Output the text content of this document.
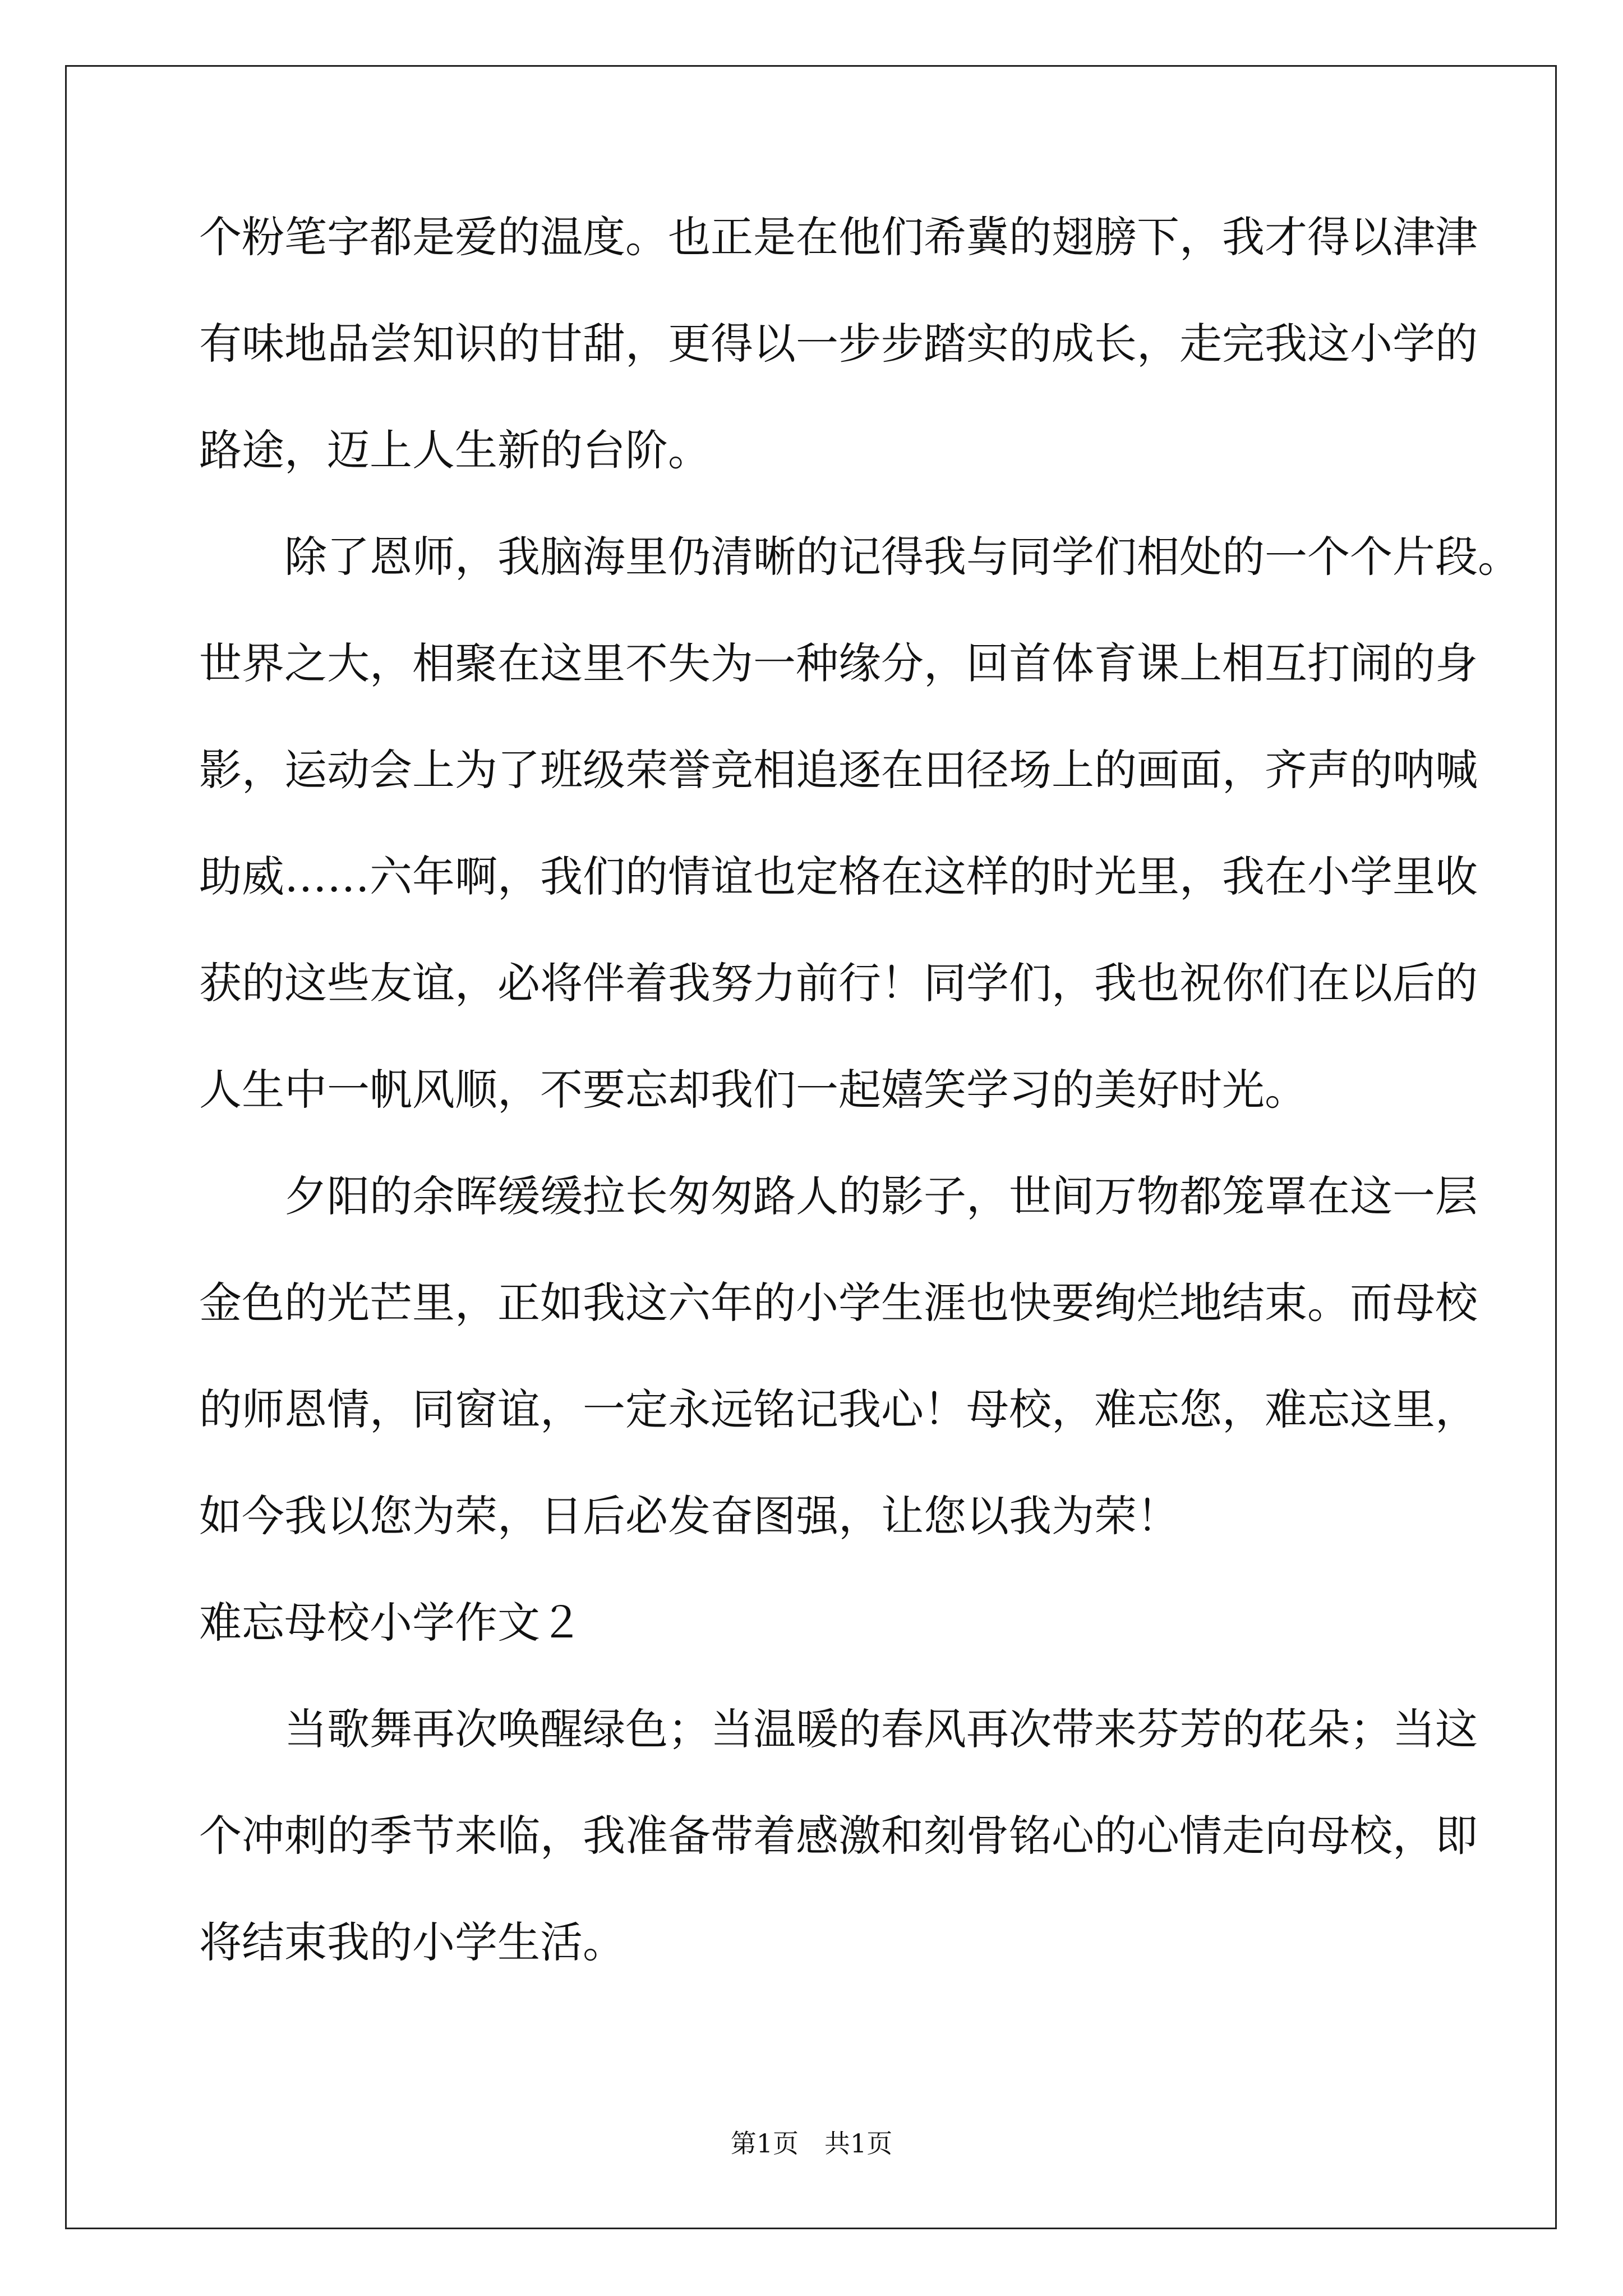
个粉笔字都是爱的温度。也正是在他们希冀的翅膀下，我才得以津津
有味地品尝知识的甘甜，更得以一步步踏实的成长，走完我这小学的
路途，迈上人生新的台阶。
除了恩师，我脑海里仍清晰的记得我与同学们相处的一个个片段。
世界之大，相聚在这里不失为一种缘分，回首体育课上相互打闹的身
影，运动会上为了班级荣誉竞相追逐在田径场上的画面，齐声的呐喊
助威……六年啊，我们的情谊也定格在这样的时光里，我在小学里收
获的这些友谊，必将伴着我努力前行！同学们，我也祝你们在以后的
人生中一帆风顺，不要忘却我们一起嬉笑学习的美好时光。
夕阳的余晖缓缓拉长匆匆路人的影子，世间万物都笼罩在这一层
金色的光芒里，正如我这六年的小学生涯也快要绚烂地结束。而母校
的师恩情，同窗谊，一定永远铭记我心！母校，难忘您，难忘这里，
如今我以您为荣，日后必发奋图强，让您以我为荣！
难忘母校小学作文２
当歌舞再次唤醒绿色；当温暖的春风再次带来芬芳的花朵；当这
个冲刺的季节来临，我准备带着感激和刻骨铭心的心情走向母校，即
将结束我的小学生活。
第1页　共1页
